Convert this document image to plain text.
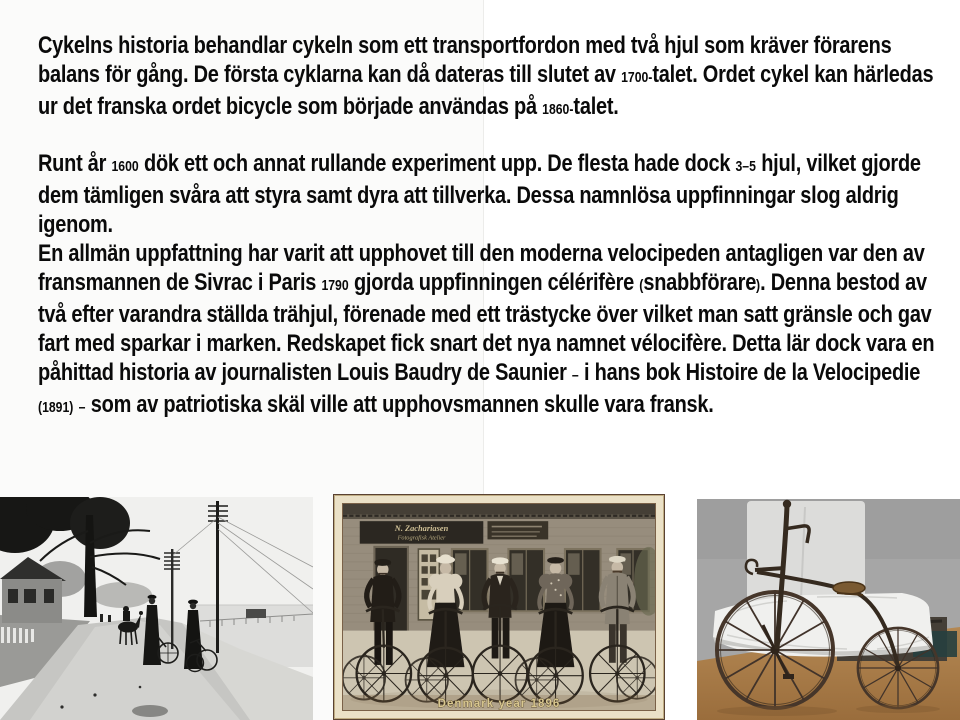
Cykelns historia behandlar cykeln som ett transportfordon med två hjul som kräver förarens balans för gång. De första cyklarna kan då dateras till slutet av 1700-talet. Ordet cykel kan härledas ur det franska ordet bicycle som började användas på 1860-talet.

Runt år 1600 dök ett och annat rullande experiment upp. De flesta hade dock 3–5 hjul, vilket gjorde dem tämligen svåra att styra samt dyra att tillverka. Dessa namnlösa uppfinningar slog aldrig igenom.

En allmän uppfattning har varit att upphovet till den moderna velocipeden antagligen var den av fransmannen de Sivrac i Paris 1790 gjorda uppfinningen célérifère (snabbförare). Denna bestod av två efter varandra ställda trähjul, förenade med ett trästycke över vilket man satt gränsle och gav fart med sparkar i marken. Redskapet fick snart det nya namnet vélocifère. Detta lär dock vara en påhittad historia av journalisten Louis Baudry de Saunier – i hans bok Histoire de la Velocipedie (1891) – som av patriotiska skäl ville att upphovsmannen skulle vara fransk.

N. Zachariasen
Fotografisk Atelier
Denmark year 1896
